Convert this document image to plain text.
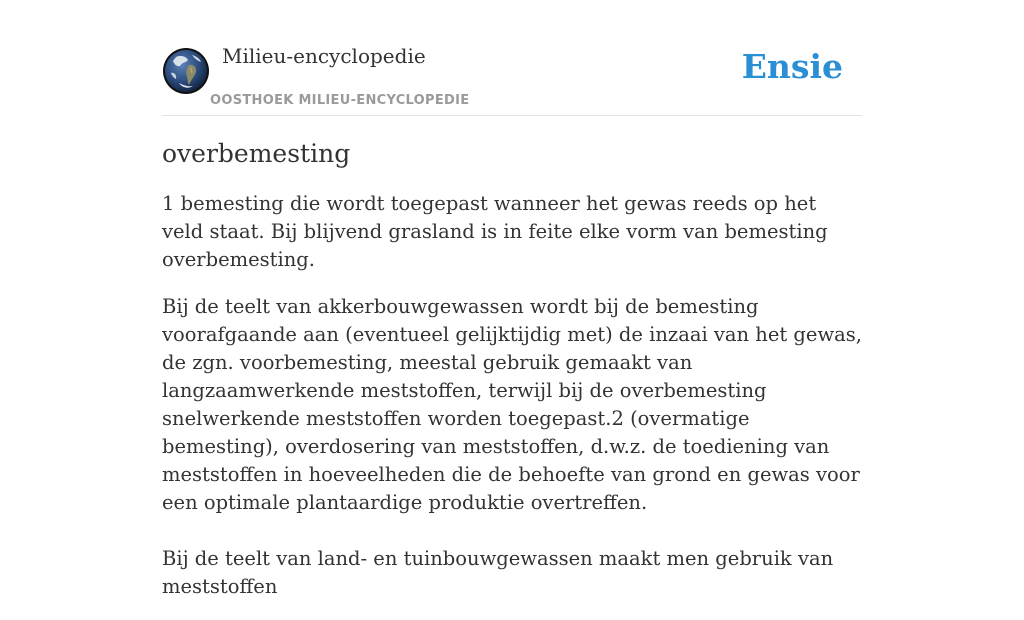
Milieu-encyclopedie
OOSTHOEK MILIEU-ENCYCLOPEDIE
Ensie
overbemesting

1 bemesting die wordt toegepast wanneer het gewas reeds op het veld staat. Bij blijvend grasland is in feite elke vorm van bemesting overbemesting.

Bij de teelt van akkerbouwgewassen wordt bij de bemesting voorafgaande aan (eventueel gelijktijdig met) de inzaai van het gewas, de zgn. voorbemesting, meestal gebruik gemaakt van langzaamwerkende meststoffen, terwijl bij de overbemesting snelwerkende meststoffen worden toegepast.2 (overmatige bemesting), overdosering van meststoffen, d.w.z. de toediening van meststoffen in hoeveelheden die de behoefte van grond en gewas voor een optimale plantaardige produktie overtreffen.

Bij de teelt van land- en tuinbouwgewassen maakt men gebruik van meststoffen
